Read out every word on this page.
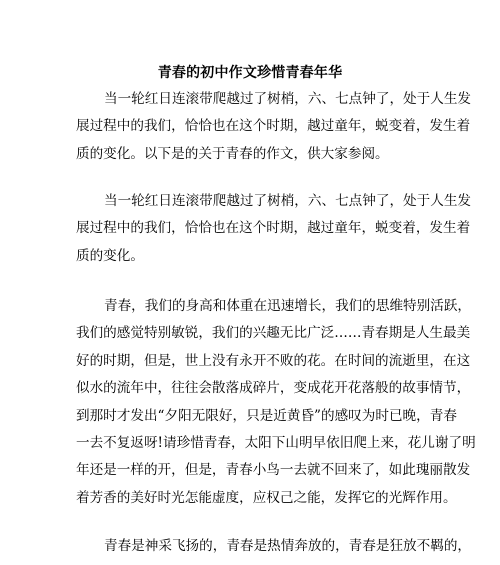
青春的初中作文珍惜青春年华
当一轮红日连滚带爬越过了树梢，六、七点钟了，处于人生发
展过程中的我们，恰恰也在这个时期，越过童年，蜕变着，发生着
质的变化。以下是的关于青春的作文，供大家参阅。
当一轮红日连滚带爬越过了树梢，六、七点钟了，处于人生发
展过程中的我们，恰恰也在这个时期，越过童年，蜕变着，发生着
质的变化。
青春，我们的身高和体重在迅速增长，我们的思维特别活跃，
我们的感觉特别敏锐，我们的兴趣无比广泛……青春期是人生最美
好的时期，但是，世上没有永开不败的花。在时间的流逝里，在这
似水的流年中，往往会散落成碎片，变成花开花落般的故事情节，
到那时才发出“夕阳无限好，只是近黄昏”的感叹为时已晚，青春
一去不复返呀!请珍惜青春，太阳下山明早依旧爬上来，花儿谢了明
年还是一样的开，但是，青春小鸟一去就不回来了，如此瑰丽散发
着芳香的美好时光怎能虚度，应权己之能，发挥它的光辉作用。
青春是神采飞扬的，青春是热情奔放的，青春是狂放不羁的，
